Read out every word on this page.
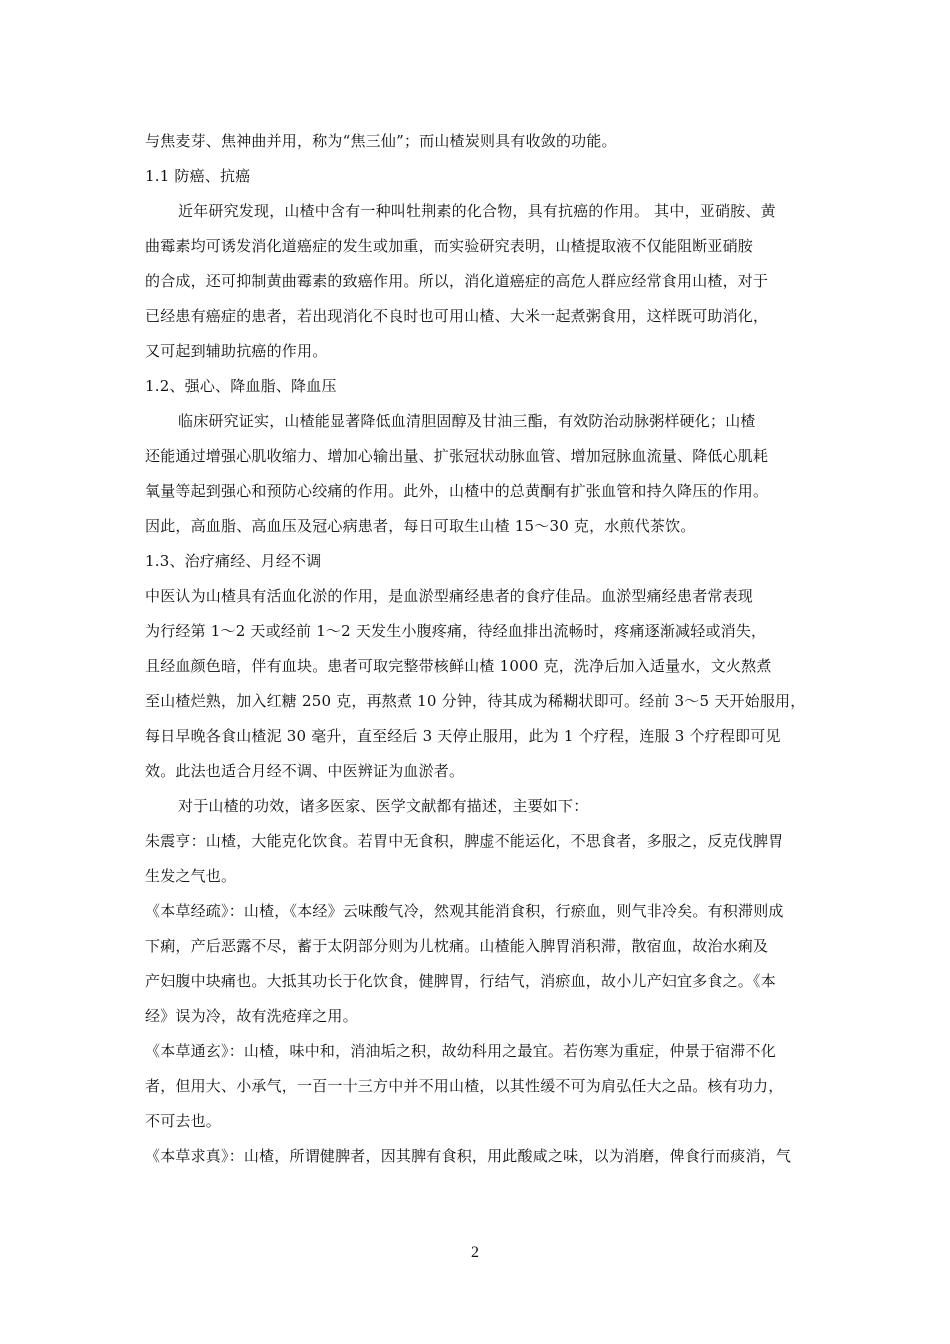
与焦麦芽、焦神曲并用，称为“焦三仙”；而山楂炭则具有收敛的功能。
1.1 防癌、抗癌
近年研究发现，山楂中含有一种叫牡荆素的化合物，具有抗癌的作用。 其中，亚硝胺、黄
曲霉素均可诱发消化道癌症的发生或加重，而实验研究表明，山楂提取液不仅能阻断亚硝胺
的合成，还可抑制黄曲霉素的致癌作用。所以，消化道癌症的高危人群应经常食用山楂，对于
已经患有癌症的患者，若出现消化不良时也可用山楂、大米一起煮粥食用，这样既可助消化，
又可起到辅助抗癌的作用。
1.2、强心、降血脂、降血压
临床研究证实，山楂能显著降低血清胆固醇及甘油三酯，有效防治动脉粥样硬化；山楂
还能通过增强心肌收缩力、增加心输出量、扩张冠状动脉血管、增加冠脉血流量、降低心肌耗
氧量等起到强心和预防心绞痛的作用。此外，山楂中的总黄酮有扩张血管和持久降压的作用。
因此，高血脂、高血压及冠心病患者，每日可取生山楂 15～30 克，水煎代茶饮。
1.3、治疗痛经、月经不调
中医认为山楂具有活血化淤的作用，是血淤型痛经患者的食疗佳品。血淤型痛经患者常表现
为行经第 1～2 天或经前 1～2 天发生小腹疼痛，待经血排出流畅时，疼痛逐渐减轻或消失，
且经血颜色暗，伴有血块。患者可取完整带核鲜山楂 1000 克，洗净后加入适量水，文火熬煮
至山楂烂熟，加入红糖 250 克，再熬煮 10 分钟，待其成为稀糊状即可。经前 3～5 天开始服用，
每日早晚各食山楂泥 30 毫升，直至经后 3 天停止服用，此为 1 个疗程，连服 3 个疗程即可见
效。此法也适合月经不调、中医辨证为血淤者。
对于山楂的功效，诸多医家、医学文献都有描述，主要如下：
朱震亨：山楂，大能克化饮食。若胃中无食积，脾虚不能运化，不思食者，多服之，反克伐脾胃
生发之气也。
《本草经疏》：山楂，《本经》云味酸气冷，然观其能消食积，行瘀血，则气非冷矣。有积滞则成
下痢，产后恶露不尽，蓄于太阴部分则为儿枕痛。山楂能入脾胃消积滞，散宿血，故治水痢及
产妇腹中块痛也。大抵其功长于化饮食，健脾胃，行结气，消瘀血，故小儿产妇宜多食之。《本
经》误为冷，故有洗疮痒之用。
《本草通玄》：山楂，味中和，消油垢之积，故幼科用之最宜。若伤寒为重症，仲景于宿滞不化
者，但用大、小承气，一百一十三方中并不用山楂，以其性缓不可为肩弘任大之品。核有功力，
不可去也。
《本草求真》：山楂，所谓健脾者，因其脾有食积，用此酸咸之味，以为消磨，俾食行而痰消，气
2
